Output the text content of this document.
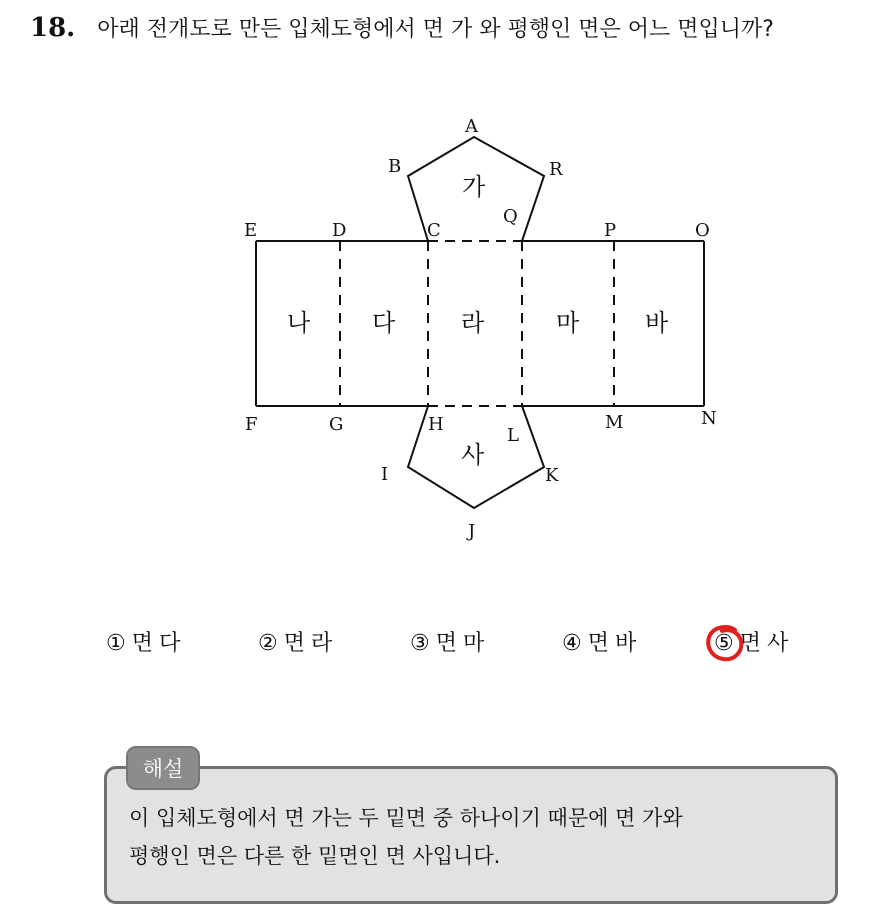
18. 아래 전개도로 만든 입체도형에서 면 가 와 평행인 면은 어느 면입니까?
A
B	R
E	D	C
Q
P	O
F	G	H
L
M	N
I	K
J
가
나	다	라	마	바
사
① 면다	② 면라	③ 면마	④ 면바	⑤ 면사
해설
이 입체도형에서 면 가는 두 밑면 중 하나이기 때문에 면 가와
평행인 면은 다른 한 밑면인 면 사입니다.
